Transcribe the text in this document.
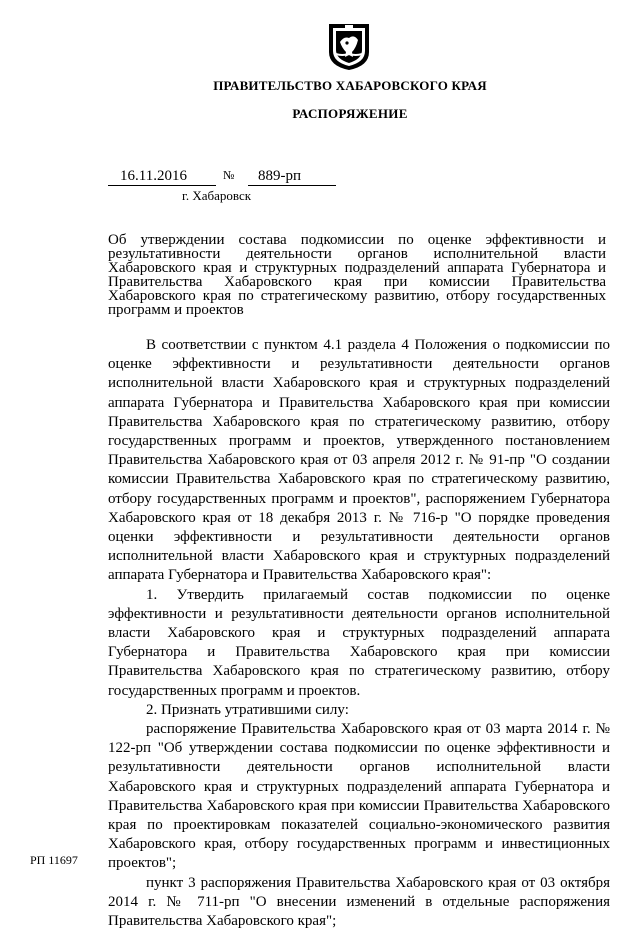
ПРАВИТЕЛЬСТВО ХАБАРОВСКОГО КРАЯ
РАСПОРЯЖЕНИЕ
16.11.2016	№ 889-рп
г. Хабаровск
Об утверждении состава подкомиссии по оценке эффективности и результативности деятельности органов исполнительной власти Хабаровского края и структурных подразделений аппарата Губернатора и Правительства Хабаровского края при комиссии Правительства Хабаровского края по стратегическому развитию, отбору государственных программ и проектов

В соответствии с пунктом 4.1 раздела 4 Положения о подкомиссии по оценке эффективности и результативности деятельности органов исполнительной власти Хабаровского края и структурных подразделений аппарата Губернатора и Правительства Хабаровского края при комиссии Правительства Хабаровского края по стратегическому развитию, отбору государственных программ и проектов, утвержденного постановлением Правительства Хабаровского края от 03 апреля 2012 г. № 91-пр "О создании комиссии Правительства Хабаровского края по стратегическому развитию, отбору государственных программ и проектов", распоряжением Губернатора Хабаровского края от 18 декабря 2013 г. № 716-р "О порядке проведения оценки эффективности и результативности деятельности органов исполнительной власти Хабаровского края и структурных подразделений аппарата Губернатора и Правительства Хабаровского края":

1. Утвердить прилагаемый состав подкомиссии по оценке эффективности и результативности деятельности органов исполнительной власти Хабаровского края и структурных подразделений аппарата Губернатора и Правительства Хабаровского края при комиссии Правительства Хабаровского края по стратегическому развитию, отбору государственных программ и проектов.

2. Признать утратившими силу:

распоряжение Правительства Хабаровского края от 03 марта 2014 г. № 122-рп "Об утверждении состава подкомиссии по оценке эффективности и результативности деятельности органов исполнительной власти Хабаровского края и структурных подразделений аппарата Губернатора и Правительства Хабаровского края при комиссии Правительства Хабаровского края по проектировкам показателей социально-экономического развития Хабаровского края, отбору государственных программ и инвестиционных проектов";

пункт 3 распоряжения Правительства Хабаровского края от 03 октября 2014 г. № 711-рп "О внесении изменений в отдельные распоряжения Правительства Хабаровского края";

РП 11697
